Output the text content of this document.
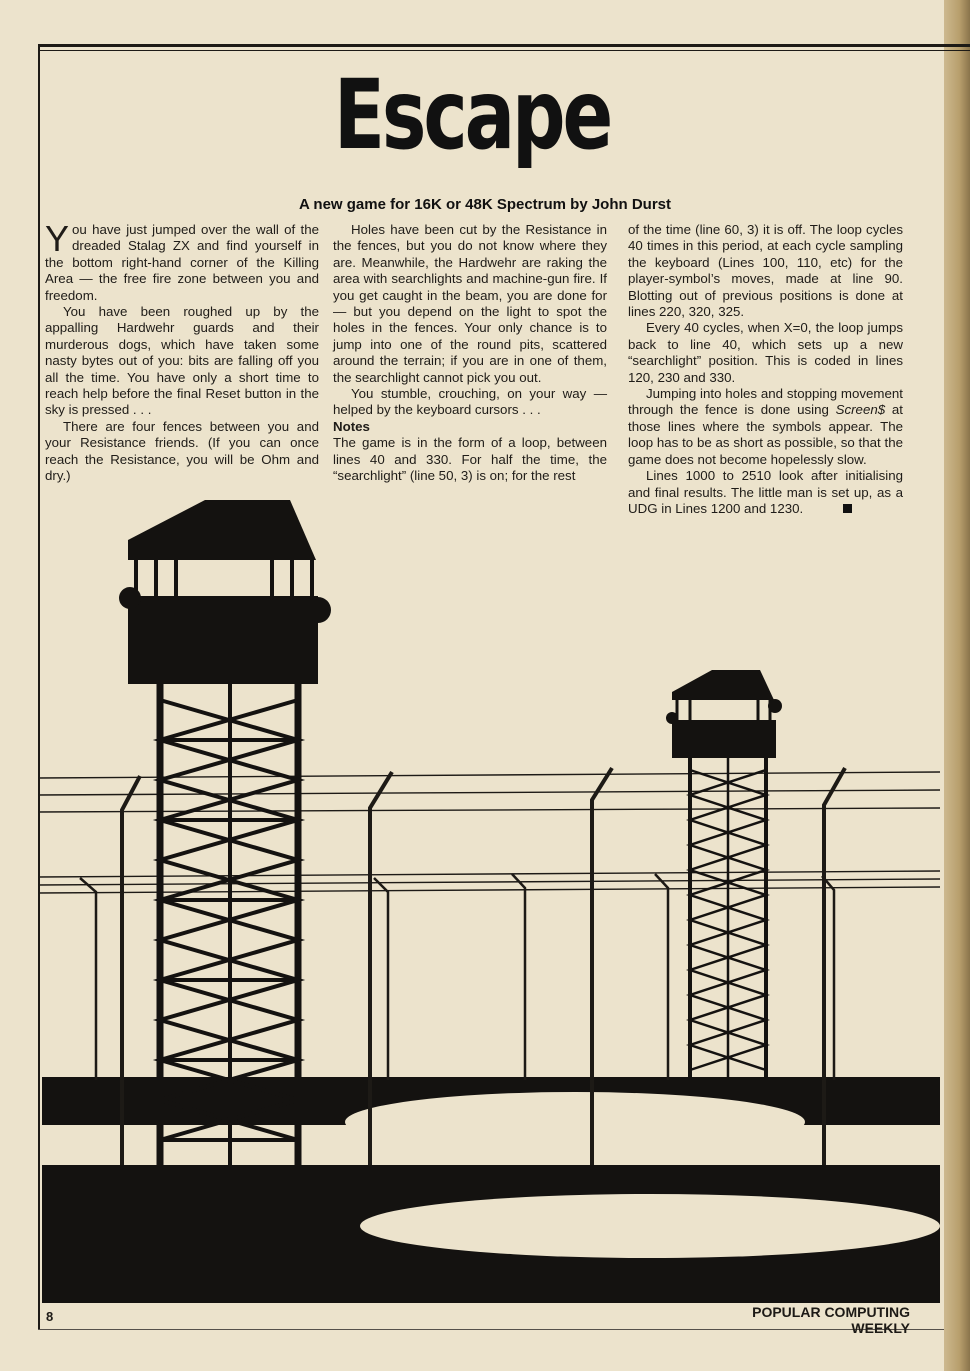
Escape
A new game for 16K or 48K Spectrum by John Durst

You have just jumped over the wall of the dreaded Stalag ZX and find yourself in the bottom right-hand corner of the Killing Area — the free fire zone between you and freedom.

You have been roughed up by the appalling Hardwehr guards and their murderous dogs, which have taken some nasty bytes out of you: bits are falling off you all the time. You have only a short time to reach help before the final Reset button in the sky is pressed . . .

There are four fences between you and your Resistance friends. (If you can once reach the Resistance, you will be Ohm and dry.)

Holes have been cut by the Resistance in the fences, but you do not know where they are. Meanwhile, the Hardwehr are raking the area with searchlights and machine-gun fire. If you get caught in the beam, you are done for — but you depend on the light to spot the holes in the fences. Your only chance is to jump into one of the round pits, scattered around the terrain; if you are in one of them, the searchlight cannot pick you out.

You stumble, crouching, on your way — helped by the keyboard cursors . . .

Notes

The game is in the form of a loop, between lines 40 and 330. For half the time, the “searchlight” (line 50, 3) is on; for the rest

of the time (line 60, 3) it is off. The loop cycles 40 times in this period, at each cycle sampling the keyboard (Lines 100, 110, etc) for the player-symbol’s moves, made at line 90. Blotting out of previous positions is done at lines 220, 320, 325.

Every 40 cycles, when X=0, the loop jumps back to line 40, which sets up a new “searchlight” position. This is coded in lines 120, 230 and 330.

Jumping into holes and stopping movement through the fence is done using Screen$ at those lines where the symbols appear. The loop has to be as short as possible, so that the game does not become hopelessly slow.

Lines 1000 to 2510 look after initialising and final results. The little man is set up, as a UDG in Lines 1200 and 1230.

8	POPULAR COMPUTING WEEKLY
